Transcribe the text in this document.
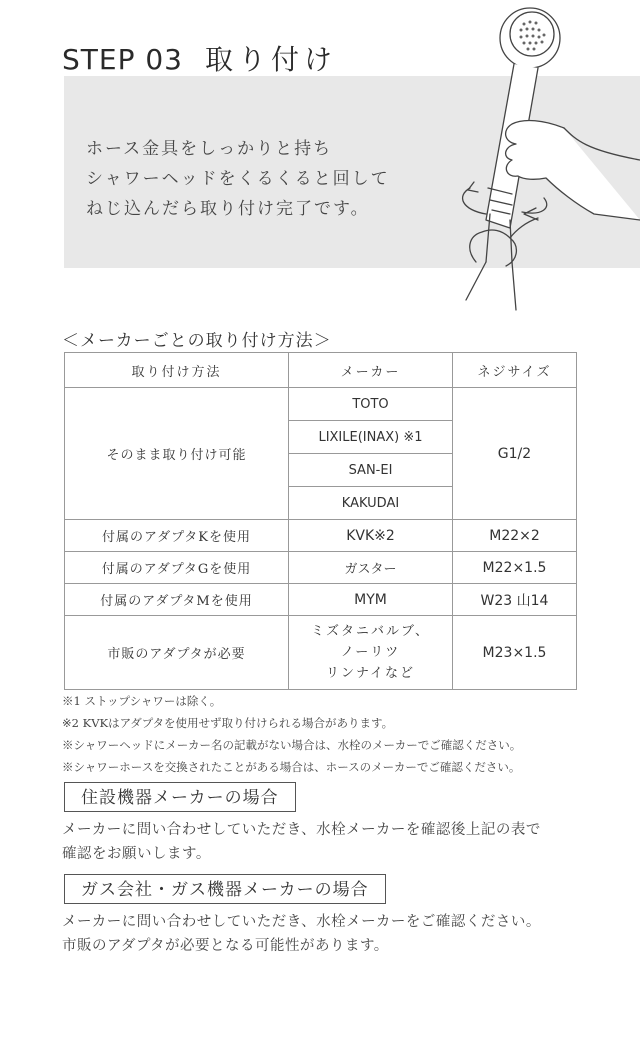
STEP 03 取り付け
ホース金具をしっかりと持ち
シャワーヘッドをくるくると回して
ねじ込んだら取り付け完了です。
＜メーカーごとの取り付け方法＞
取り付け方法	メーカー	ネジサイズ
そのまま取り付け可能	TOTO	G1/2
	LIXILE(INAX) ※1	
	SAN-EI	
	KAKUDAI	
付属のアダプタKを使用	KVK※2	M22×2
付属のアダプタGを使用	ガスター	M22×1.5
付属のアダプタMを使用	MYM	W23 山14
市販のアダプタが必要	ミズタニバルブ、
ノーリツ
リンナイなど	M23×1.5
※1 ストップシャワーは除く。
※2 KVKはアダプタを使用せず取り付けられる場合があります。
※シャワーヘッドにメーカー名の記載がない場合は、水栓のメーカーでご確認ください。
※シャワーホースを交換されたことがある場合は、ホースのメーカーでご確認ください。
住設機器メーカーの場合
メーカーに問い合わせしていただき、水栓メーカーを確認後上記の表で
確認をお願いします。
ガス会社・ガス機器メーカーの場合
メーカーに問い合わせしていただき、水栓メーカーをご確認ください。
市販のアダプタが必要となる可能性があります。
